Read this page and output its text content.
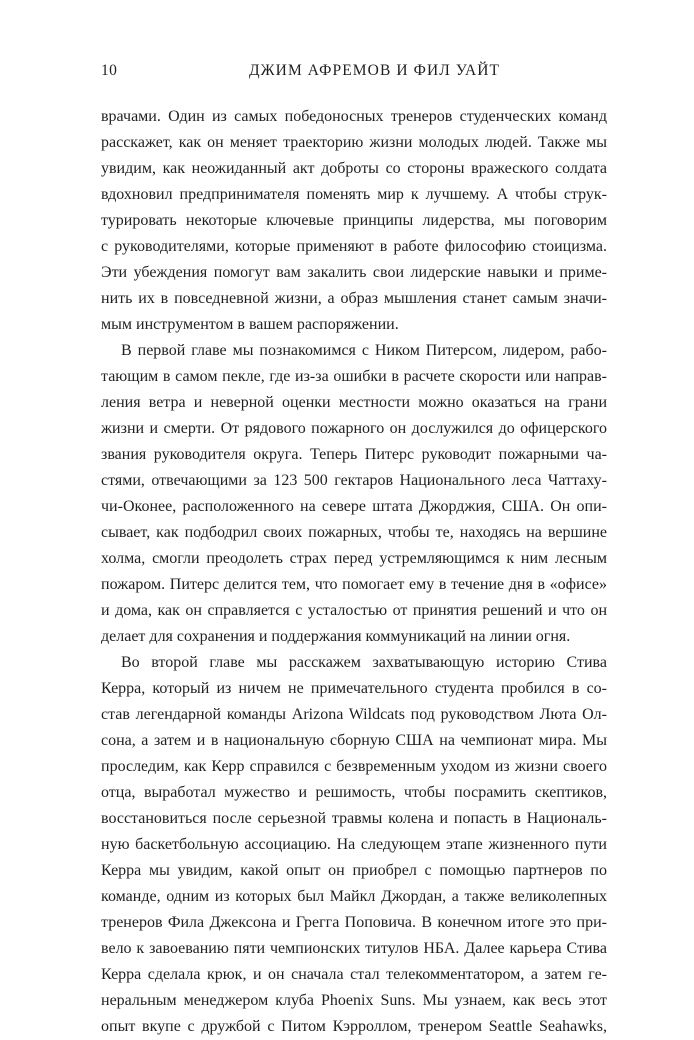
10	ДЖИМ АФРЕМОВ И ФИЛ УАЙТ
врачами. Один из самых победоносных тренеров студенческих команд
расскажет, как он меняет траекторию жизни молодых людей. Также мы
увидим, как неожиданный акт доброты со стороны вражеского солдата
вдохновил предпринимателя поменять мир к лучшему. А чтобы струк-
турировать некоторые ключевые принципы лидерства, мы поговорим
с руководителями, которые применяют в работе философию стоицизма.
Эти убеждения помогут вам закалить свои лидерские навыки и приме-
нить их в повседневной жизни, а образ мышления станет самым значи-
мым инструментом в вашем распоряжении.
В первой главе мы познакомимся с Ником Питерсом, лидером, рабо-
тающим в самом пекле, где из-за ошибки в расчете скорости или направ-
ления ветра и неверной оценки местности можно оказаться на грани
жизни и смерти. От рядового пожарного он дослужился до офицерского
звания руководителя округа. Теперь Питерс руководит пожарными ча-
стями, отвечающими за 123 500 гектаров Национального леса Чаттаху-
чи-Оконее, расположенного на севере штата Джорджия, США. Он опи-
сывает, как подбодрил своих пожарных, чтобы те, находясь на вершине
холма, смогли преодолеть страх перед устремляющимся к ним лесным
пожаром. Питерс делится тем, что помогает ему в течение дня в «офисе»
и дома, как он справляется с усталостью от принятия решений и что он
делает для сохранения и поддержания коммуникаций на линии огня.
Во второй главе мы расскажем захватывающую историю Стива
Керра, который из ничем не примечательного студента пробился в со-
став легендарной команды Arizona Wildcats под руководством Люта Ол-
сона, а затем и в национальную сборную США на чемпионат мира. Мы
проследим, как Керр справился с безвременным уходом из жизни своего
отца, выработал мужество и решимость, чтобы посрамить скептиков,
восстановиться после серьезной травмы колена и попасть в Националь-
ную баскетбольную ассоциацию. На следующем этапе жизненного пути
Керра мы увидим, какой опыт он приобрел с помощью партнеров по
команде, одним из которых был Майкл Джордан, а также великолепных
тренеров Фила Джексона и Грегга Поповича. В конечном итоге это при-
вело к завоеванию пяти чемпионских титулов НБА. Далее карьера Стива
Керра сделала крюк, и он сначала стал телекомментатором, а затем ге-
неральным менеджером клуба Phoenix Suns. Мы узнаем, как весь этот
опыт вкупе с дружбой с Питом Кэрроллом, тренером Seattle Seahawks,
